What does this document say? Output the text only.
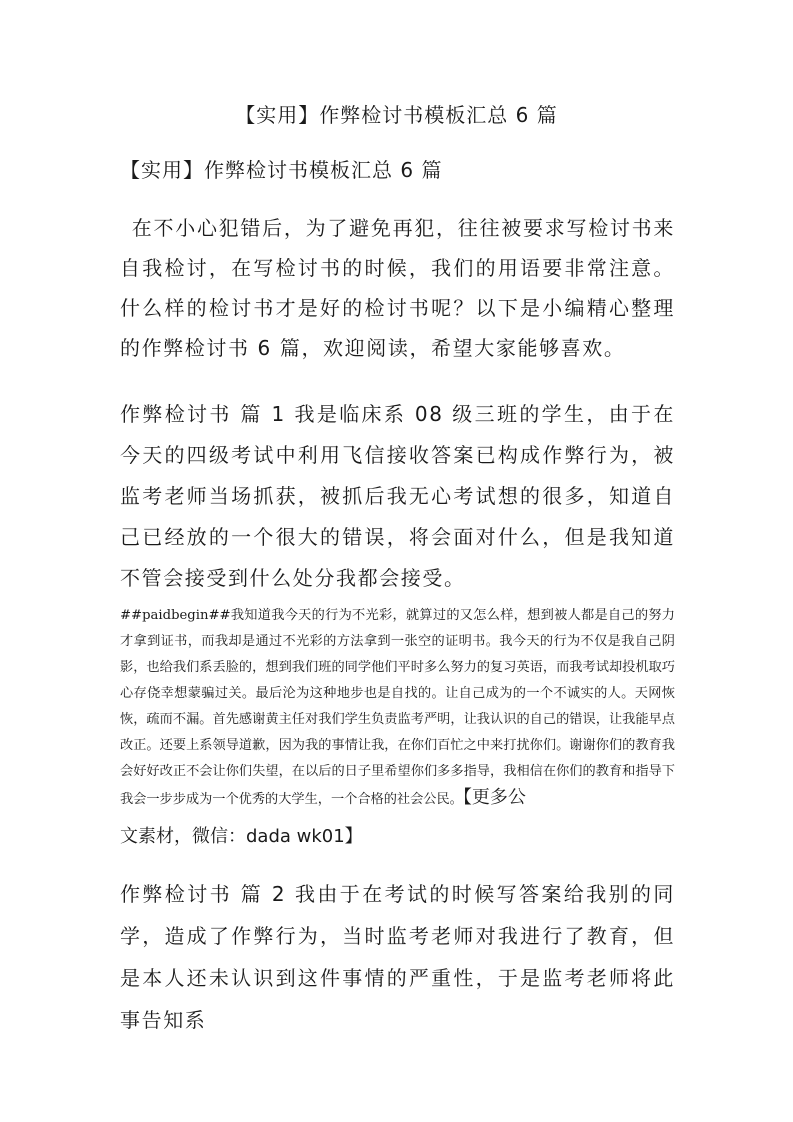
【实用】作弊检讨书模板汇总 6 篇
【实用】作弊检讨书模板汇总 6 篇

 在不小心犯错后，为了避免再犯，往往被要求写检讨书来自我检讨，在写检讨书的时候，我们的用语要非常注意。什么样的检讨书才是好的检讨书呢？以下是小编精心整理的作弊检讨书 6 篇，欢迎阅读，希望大家能够喜欢。

作弊检讨书 篇 1 我是临床系 08 级三班的学生，由于在今天的四级考试中利用飞信接收答案已构成作弊行为，被监考老师当场抓获，被抓后我无心考试想的很多，知道自己已经放的一个很大的错误，将会面对什么，但是我知道不管会接受到什么处分我都会接受。

##paidbegin##我知道我今天的行为不光彩，就算过的又怎么样，想到被人都是自己的努力才拿到证书，而我却是通过不光彩的方法拿到一张空的证明书。我今天的行为不仅是我自己阴影，也给我们系丢脸的，想到我们班的同学他们平时多么努力的复习英语，而我考试却投机取巧心存侥幸想蒙骗过关。最后沦为这种地步也是自找的。让自己成为的一个不诚实的人。天网恢恢，疏而不漏。首先感谢黄主任对我们学生负责监考严明，让我认识的自己的错误，让我能早点改正。还要上系领导道歉，因为我的事情让我，在你们百忙之中来打扰你们。谢谢你们的教育我会好好改正不会让你们失望，在以后的日子里希望你们多多指导，我相信在你们的教育和指导下我会一步步成为一个优秀的大学生，一个合格的社会公民。【更多公

文素材，微信：dada wk01】

作弊检讨书 篇 2 我由于在考试的时候写答案给我别的同学，造成了作弊行为，当时监考老师对我进行了教育，但是本人还未认识到这件事情的严重性，于是监考老师将此事告知系
